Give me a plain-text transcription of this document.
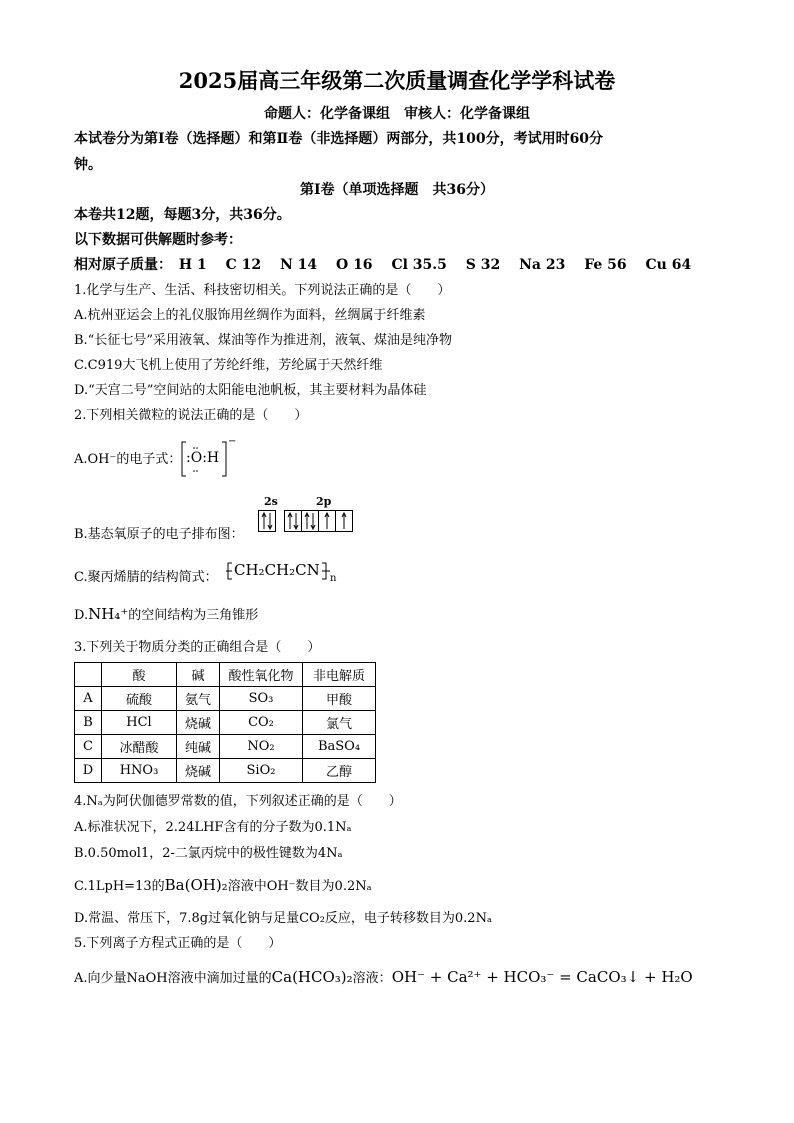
2025届高三年级第二次质量调查化学学科试卷
命题人：化学备课组　审核人：化学备课组
本试卷分为第Ⅰ卷（选择题）和第Ⅱ卷（非选择题）两部分，共100分，考试用时60分
钟。
第Ⅰ卷（单项选择题　共36分）
本卷共12题，每题3分，共36分。
以下数据可供解题时参考：
相对原子质量： H 1 C 12 N 14 O 16 Cl 35.5 S 32 Na 23 Fe 56 Cu 64
1.化学与生产、生活、科技密切相关。下列说法正确的是（　　）
A.杭州亚运会上的礼仪服饰用丝绸作为面料，丝绸属于纤维素
B.“长征七号”采用液氧、煤油等作为推进剂，液氧、煤油是纯净物
C.C919大飞机上使用了芳纶纤维，芳纶属于天然纤维
D.“天宫二号”空间站的太阳能电池帆板，其主要材料为晶体硅
2.下列相关微粒的说法正确的是（　　）
A.OH⁻的电子式： :O:H
−
B.基态氧原子的电子排布图：
2s	2p
C.聚丙烯腈的结构简式： CH₂CH₂CN n
D.NH₄⁺的空间结构为三角锥形
3.下列关于物质分类的正确组合是（　　）
	酸	碱	酸性氧化物	非电解质
A	硫酸	氨气	SO₃	甲酸
B	HCl	烧碱	CO₂	氯气
C	冰醋酸	纯碱	NO₂	BaSO₄
D	HNO₃	烧碱	SiO₂	乙醇
4.Nₐ为阿伏伽德罗常数的值，下列叙述正确的是（　　）
A.标准状况下，2.24LHF含有的分子数为0.1Nₐ
B.0.50mol1，2-二氯丙烷中的极性键数为4Nₐ
C.1LpH=13的Ba(OH)₂溶液中OH⁻数目为0.2Nₐ
D.常温、常压下，7.8g过氧化钠与足量CO₂反应，电子转移数目为0.2Nₐ
5.下列离子方程式正确的是（　　）
A.向少量NaOH溶液中滴加过量的Ca(HCO₃)₂溶液：OH⁻ + Ca²⁺ + HCO₃⁻ = CaCO₃↓ + H₂O
